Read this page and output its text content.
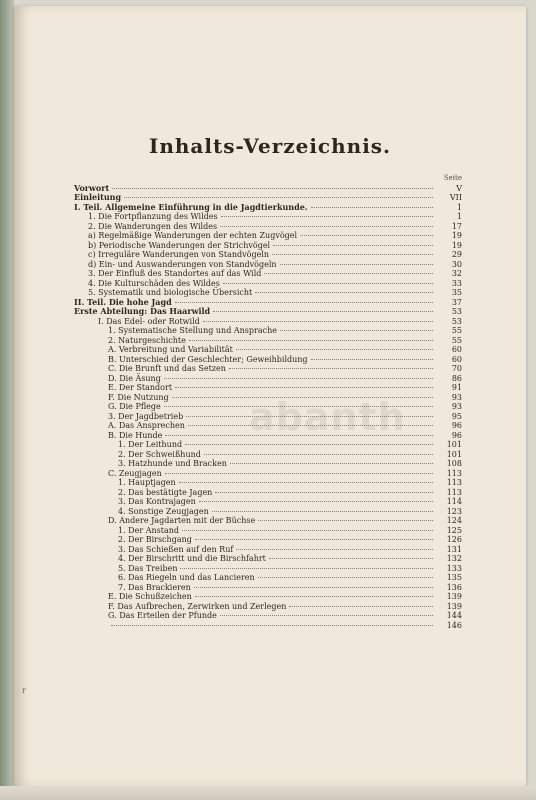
Inhalts-Verzeichnis.
abanth
Seite
Vorwort	V
Einleitung	VII
I. Teil. Allgemeine Einführung in die Jagdtierkunde.	1
1. Die Fortpflanzung des Wildes	1
2. Die Wanderungen des Wildes	17
a) Regelmäßige Wanderungen der echten Zugvögel	19
b) Periodische Wanderungen der Strichvögel	19
c) Irreguläre Wanderungen von Standvögeln	29
d) Ein- und Auswanderungen von Standvögeln	30
3. Der Einfluß des Standortes auf das Wild	32
4. Die Kulturschäden des Wildes	33
5. Systematik und biologische Übersicht	35
II. Teil. Die hohe Jagd	37
Erste Abteilung: Das Haarwild	53
I. Das Edel- oder Rotwild	53
1. Systematische Stellung und Ansprache	55
2. Naturgeschichte	55
A. Verbreitung und Variabilität	60
B. Unterschied der Geschlechter; Geweihbildung	60
C. Die Brunft und das Setzen	70
D. Die Äsung	86
E. Der Standort	91
F. Die Nutzung	93
G. Die Pflege	93
3. Der Jagdbetrieb	95
A. Das Ansprechen	96
B. Die Hunde	96
1. Der Leithund	101
2. Der Schweißhund	101
3. Hatzhunde und Bracken	108
C. Zeugjagen	113
1. Hauptjagen	113
2. Das bestätigte Jagen	113
3. Das Kontrajagen	114
4. Sonstige Zeugjagen	123
D. Andere Jagdarten mit der Büchse	124
1. Der Anstand	125
2. Der Birschgang	126
3. Das Schießen auf den Ruf	131
4. Der Birschritt und die Birschfahrt	132
5. Das Treiben	133
6. Das Riegeln und das Lancieren	135
7. Das Brackieren	136
E. Die Schußzeichen	139
F. Das Aufbrechen, Zerwirken und Zerlegen	139
G. Das Erteilen der Pfunde	144
146
r
